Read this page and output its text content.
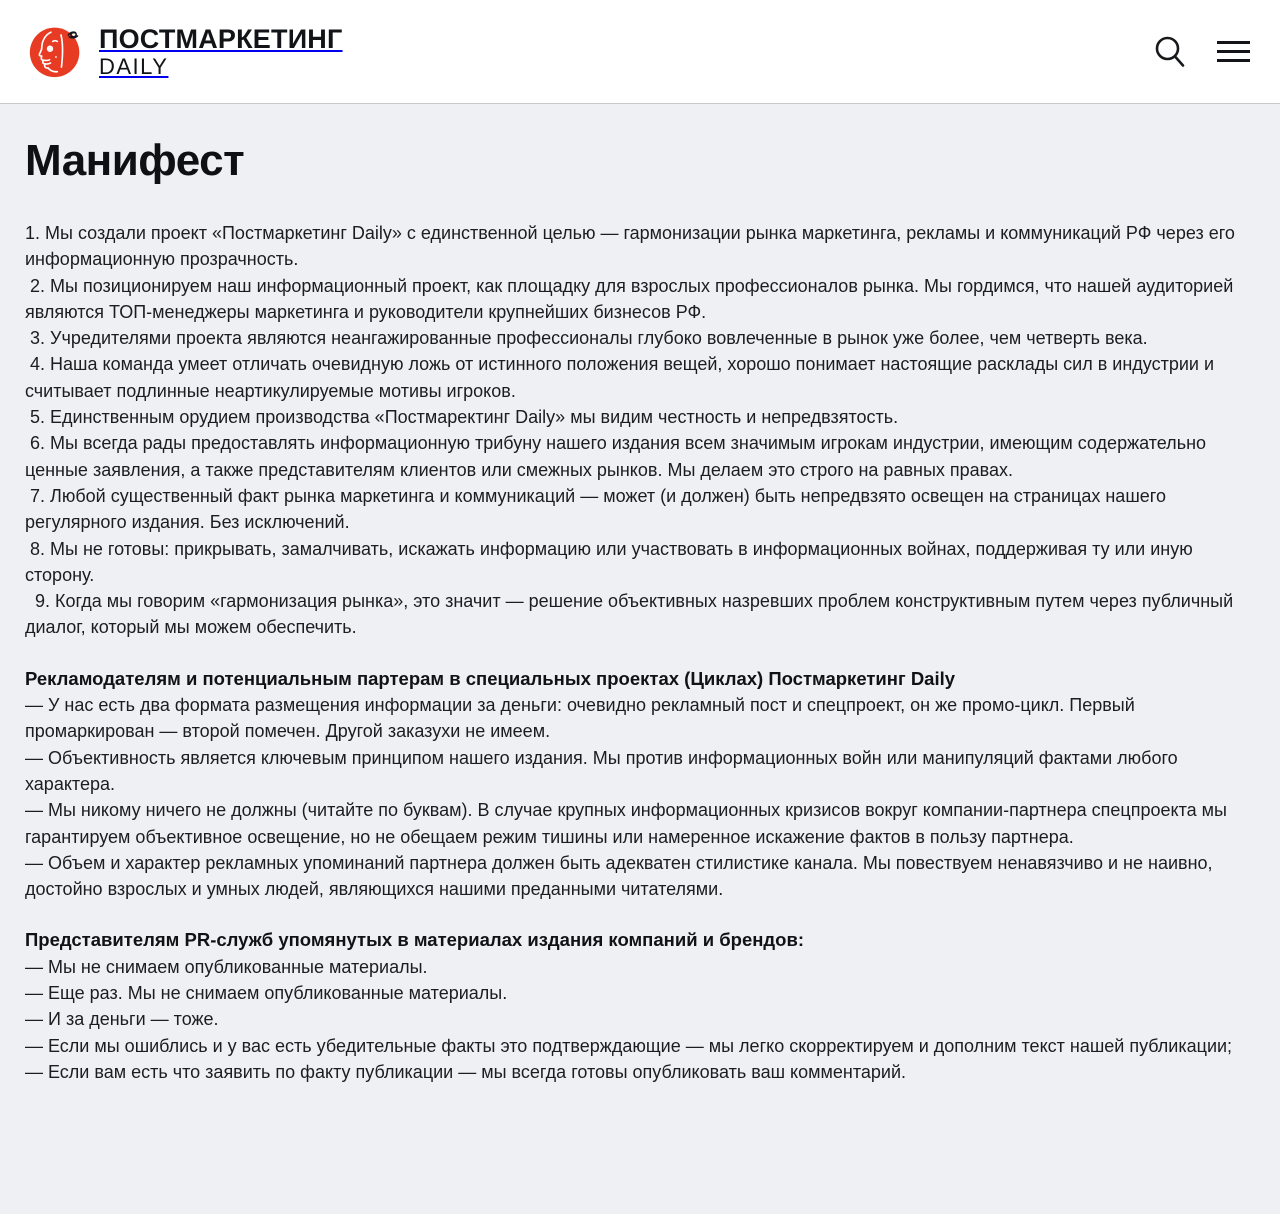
ПОСТМАРКЕТИНГ
DAILY
Манифест

1. Мы создали проект «Постмаркетинг Daily» с единственной целью — гармонизации рынка маркетинга, рекламы и коммуникаций РФ через его информационную прозрачность.

2. Мы позиционируем наш информационный проект, как площадку для взрослых профессионалов рынка. Мы гордимся, что нашей аудиторией являются ТОП-менеджеры маркетинга и руководители крупнейших бизнесов РФ.

3. Учредителями проекта являются неангажированные профессионалы глубоко вовлеченные в рынок уже более, чем четверть века.

4. Наша команда умеет отличать очевидную ложь от истинного положения вещей, хорошо понимает настоящие расклады сил в индустрии и считывает подлинные неартикулируемые мотивы игроков.

5. Единственным орудием производства «Постмаректинг Daily» мы видим честность и непредвзятость.

6. Мы всегда рады предоставлять информационную трибуну нашего издания всем значимым игрокам индустрии, имеющим содержательно ценные заявления, а также представителям клиентов или смежных рынков. Мы делаем это строго на равных правах.

7. Любой существенный факт рынка маркетинга и коммуникаций — может (и должен) быть непредвзято освещен на страницах нашего регулярного издания. Без исключений.

8. Мы не готовы: прикрывать, замалчивать, искажать информацию или участвовать в информационных войнах, поддерживая ту или иную сторону.

9. Когда мы говорим «гармонизация рынка», это значит — решение объективных назревших проблем конструктивным путем через публичный диалог, который мы можем обеспечить.

Рекламодателям и потенциальным партерам в специальных проектах (Циклах) Постмаркетинг Daily

— У нас есть два формата размещения информации за деньги: очевидно рекламный пост и спецпроект, он же промо-цикл. Первый промаркирован — второй помечен. Другой заказухи не имеем.

— Объективность является ключевым принципом нашего издания. Мы против информационных войн или манипуляций фактами любого характера.

— Мы никому ничего не должны (читайте по буквам). В случае крупных информационных кризисов вокруг компании-партнера спецпроекта мы гарантируем объективное освещение, но не обещаем режим тишины или намеренное искажение фактов в пользу партнера.

— Объем и характер рекламных упоминаний партнера должен быть адекватен стилистике канала. Мы повествуем ненавязчиво и не наивно, достойно взрослых и умных людей, являющихся нашими преданными читателями.

Представителям PR-служб упомянутых в материалах издания компаний и брендов:

— Мы не снимаем опубликованные материалы.

— Еще раз. Мы не снимаем опубликованные материалы.

— И за деньги — тоже.

— Если мы ошиблись и у вас есть убедительные факты это подтверждающие — мы легко скорректируем и дополним текст нашей публикации;

— Если вам есть что заявить по факту публикации — мы всегда готовы опубликовать ваш комментарий.
